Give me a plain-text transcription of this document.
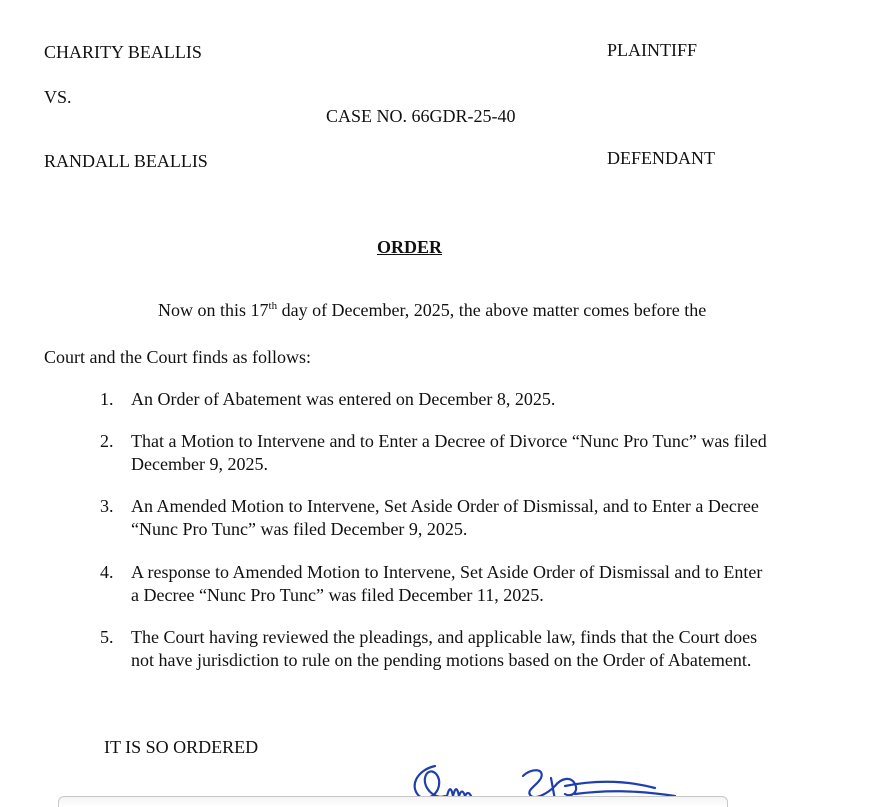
CHARITY BEALLIS	PLAINTIFF
VS.
CASE NO. 66GDR-25-40
RANDALL BEALLIS	DEFENDANT
ORDER
Now on this 17th day of December, 2025, the above matter comes before the
Court and the Court finds as follows:
1. An Order of Abatement was entered on December 8, 2025.
2. That a Motion to Intervene and to Enter a Decree of Divorce “Nunc Pro Tunc” was filed December 9, 2025.
3. An Amended Motion to Intervene, Set Aside Order of Dismissal, and to Enter a Decree “Nunc Pro Tunc” was filed December 9, 2025.
4. A response to Amended Motion to Intervene, Set Aside Order of Dismissal and to Enter a Decree “Nunc Pro Tunc” was filed December 11, 2025.
5. The Court having reviewed the pleadings, and applicable law, finds that the Court does not have jurisdiction to rule on the pending motions based on the Order of Abatement.
IT IS SO ORDERED
